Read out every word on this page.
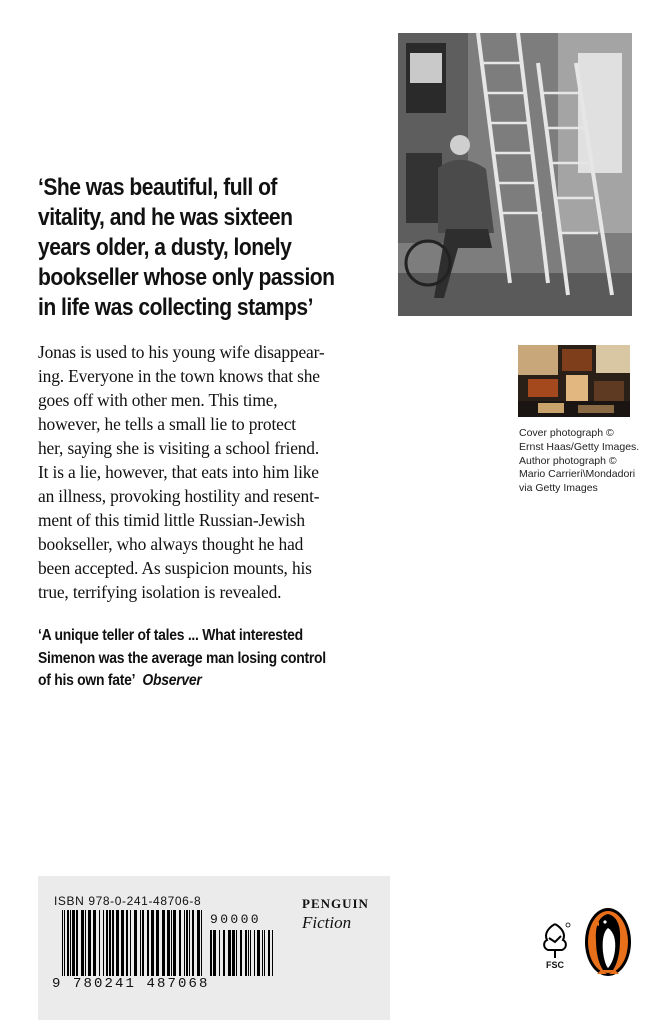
‘She was beautiful, full of
vitality, and he was sixteen
years older, a dusty, lonely
bookseller whose only passion
in life was collecting stamps’

Jonas is used to his young wife disappear-
ing. Everyone in the town knows that she
goes off with other men. This time,
however, he tells a small lie to protect
her, saying she is visiting a school friend.
It is a lie, however, that eats into him like
an illness, provoking hostility and resent-
ment of this timid little Russian-Jewish
bookseller, who always thought he had
been accepted. As suspicion mounts, his
true, terrifying isolation is revealed.

‘A unique teller of tales ... What interested
Simenon was the average man losing control
of his own fate’ Observer

Cover photograph ©
Ernst Haas/Getty Images.
Author photograph ©
Mario Carrieri\Mondadori
via Getty Images
ISBN 978-0-241-48706-8
90000
9 780241 487068
PENGUIN
Fiction
FSC
